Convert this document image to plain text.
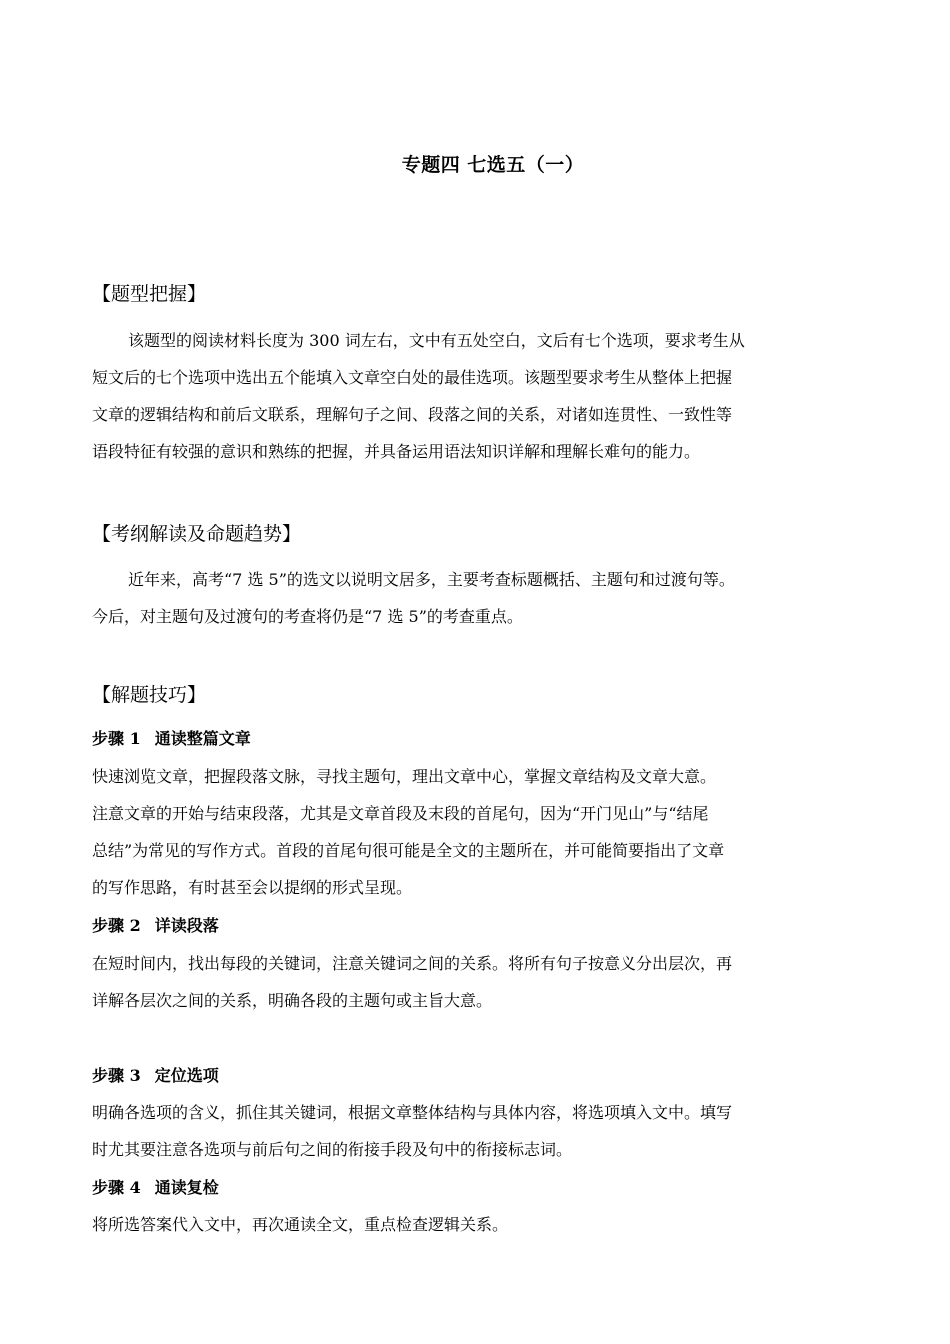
专题四 七选五（一）
【题型把握】
该题型的阅读材料长度为 300 词左右，文中有五处空白，文后有七个选项，要求考生从
短文后的七个选项中选出五个能填入文章空白处的最佳选项。该题型要求考生从整体上把握
文章的逻辑结构和前后文联系，理解句子之间、段落之间的关系，对诸如连贯性、一致性等
语段特征有较强的意识和熟练的把握，并具备运用语法知识详解和理解长难句的能力。
【考纲解读及命题趋势】
近年来，高考“7 选 5”的选文以说明文居多，主要考查标题概括、主题句和过渡句等。
今后，对主题句及过渡句的考查将仍是“7 选 5”的考查重点。
【解题技巧】
步骤 1 通读整篇文章
快速浏览文章，把握段落文脉，寻找主题句，理出文章中心，掌握文章结构及文章大意。
注意文章的开始与结束段落，尤其是文章首段及末段的首尾句，因为“开门见山”与“结尾
总结”为常见的写作方式。首段的首尾句很可能是全文的主题所在，并可能简要指出了文章
的写作思路，有时甚至会以提纲的形式呈现。
步骤 2 详读段落
在短时间内，找出每段的关键词，注意关键词之间的关系。将所有句子按意义分出层次，再
详解各层次之间的关系，明确各段的主题句或主旨大意。
步骤 3 定位选项
明确各选项的含义，抓住其关键词，根据文章整体结构与具体内容，将选项填入文中。填写
时尤其要注意各选项与前后句之间的衔接手段及句中的衔接标志词。
步骤 4 通读复检
将所选答案代入文中，再次通读全文，重点检查逻辑关系。
